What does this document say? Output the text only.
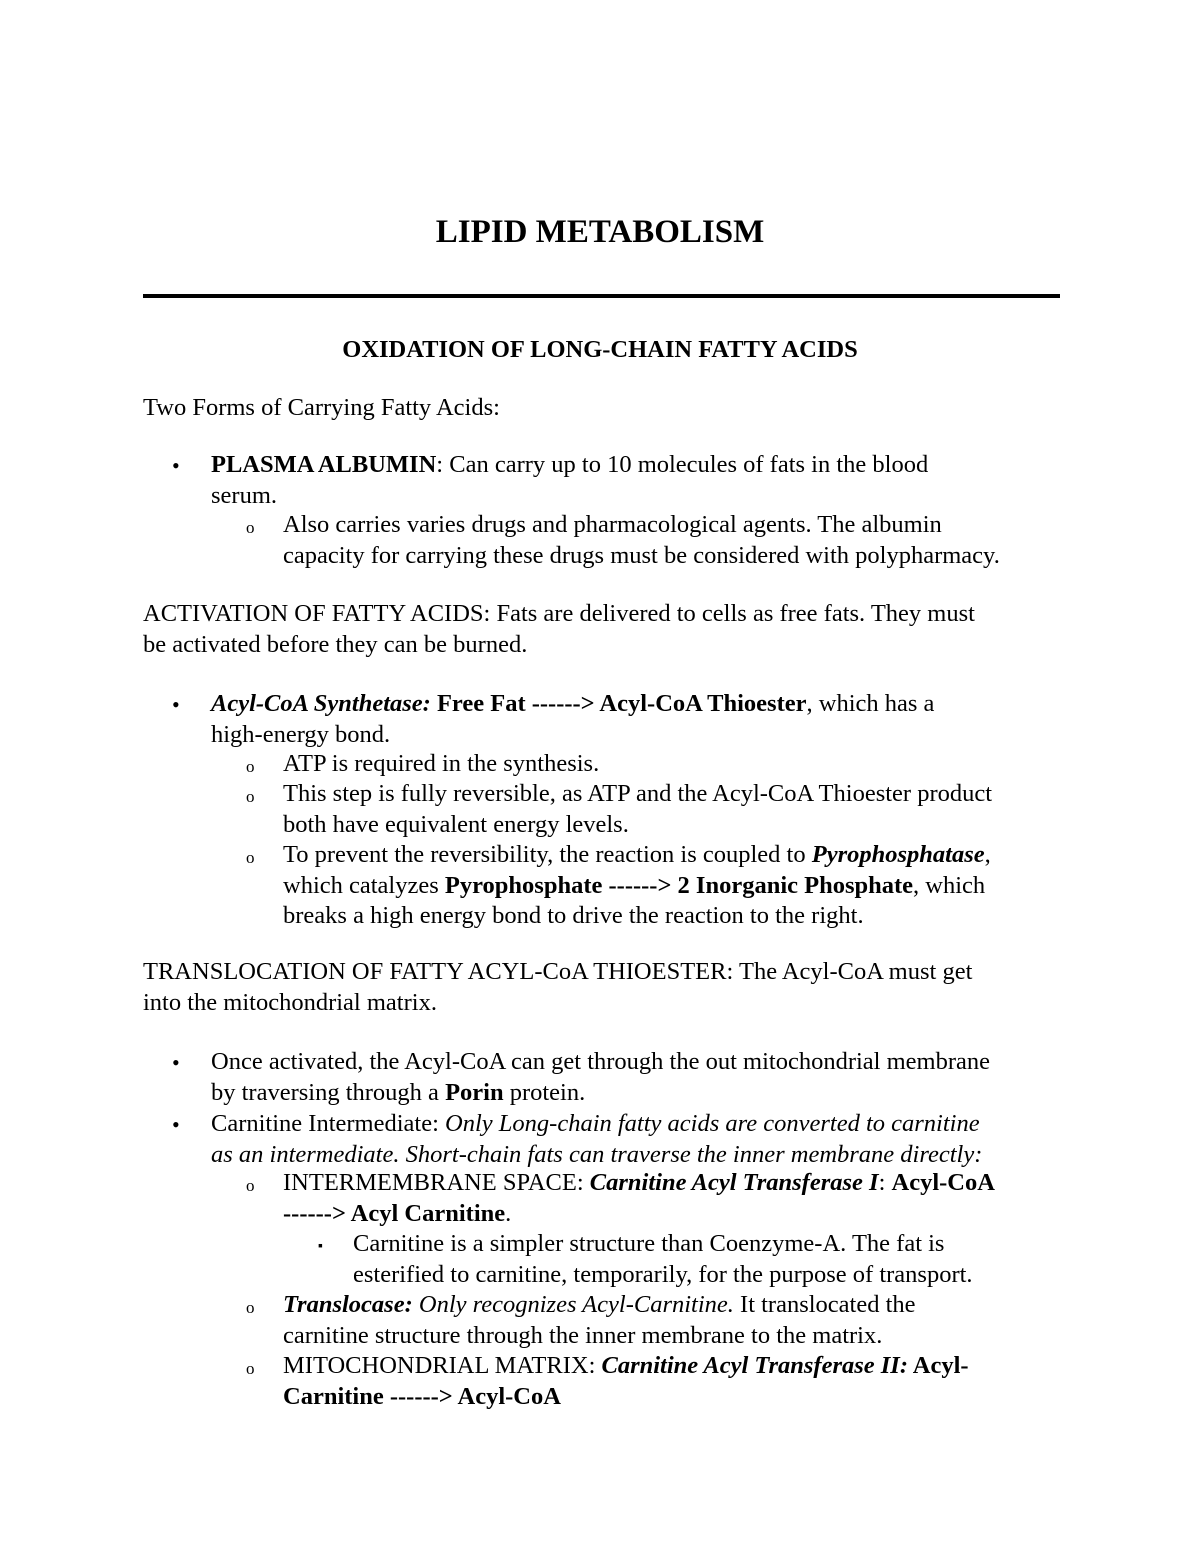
LIPID METABOLISM
OXIDATION OF LONG-CHAIN FATTY ACIDS
Two Forms of Carrying Fatty Acids:
• PLASMA ALBUMIN: Can carry up to 10 molecules of fats in the blood
serum.
o Also carries varies drugs and pharmacological agents. The albumin
capacity for carrying these drugs must be considered with polypharmacy.
ACTIVATION OF FATTY ACIDS: Fats are delivered to cells as free fats. They must
be activated before they can be burned.
• Acyl-CoA Synthetase: Free Fat ------> Acyl-CoA Thioester, which has a
high-energy bond.
o ATP is required in the synthesis.
o This step is fully reversible, as ATP and the Acyl-CoA Thioester product
both have equivalent energy levels.
o To prevent the reversibility, the reaction is coupled to Pyrophosphatase,
which catalyzes Pyrophosphate ------> 2 Inorganic Phosphate, which
breaks a high energy bond to drive the reaction to the right.
TRANSLOCATION OF FATTY ACYL-CoA THIOESTER: The Acyl-CoA must get
into the mitochondrial matrix.
• Once activated, the Acyl-CoA can get through the out mitochondrial membrane
by traversing through a Porin protein.
• Carnitine Intermediate: Only Long-chain fatty acids are converted to carnitine
as an intermediate. Short-chain fats can traverse the inner membrane directly:
o INTERMEMBRANE SPACE: Carnitine Acyl Transferase I: Acyl-CoA
------> Acyl Carnitine.
▪ Carnitine is a simpler structure than Coenzyme-A. The fat is
esterified to carnitine, temporarily, for the purpose of transport.
o Translocase: Only recognizes Acyl-Carnitine. It translocated the
carnitine structure through the inner membrane to the matrix.
o MITOCHONDRIAL MATRIX: Carnitine Acyl Transferase II: Acyl-
Carnitine ------> Acyl-CoA
